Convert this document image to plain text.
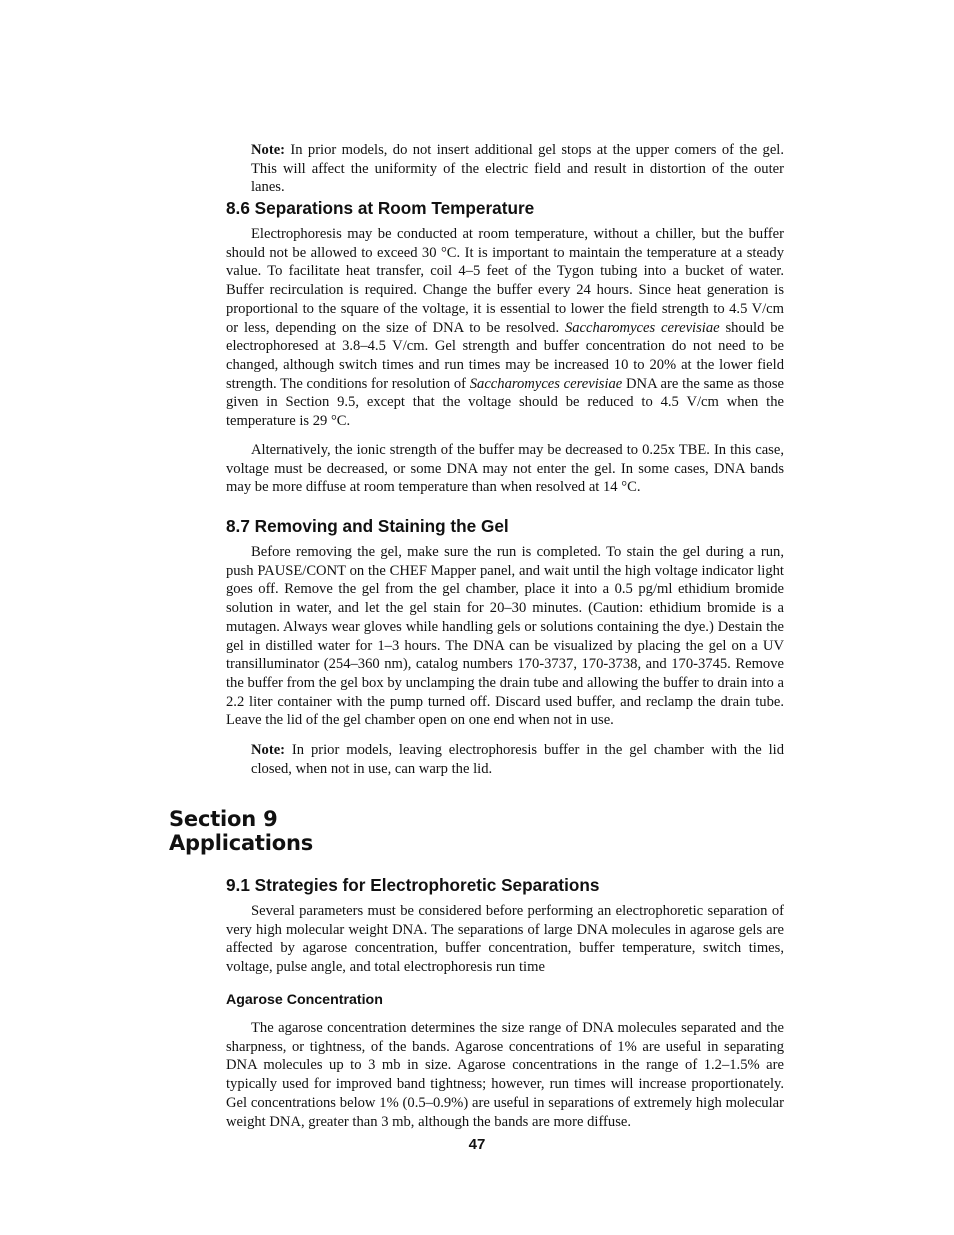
Note: In prior models, do not insert additional gel stops at the upper comers of the gel. This will affect the uniformity of the electric field and result in distortion of the outer lanes.

8.6 Separations at Room Temperature

Electrophoresis may be conducted at room temperature, without a chiller, but the buffer should not be allowed to exceed 30 °C. It is important to maintain the temperature at a steady value. To facilitate heat transfer, coil 4–5 feet of the Tygon tubing into a bucket of water. Buffer recirculation is required. Change the buffer every 24 hours. Since heat generation is proportional to the square of the voltage, it is essential to lower the field strength to 4.5 V/cm or less, depending on the size of DNA to be resolved. Saccharomyces cerevisiae should be electrophoresed at 3.8–4.5 V/cm. Gel strength and buffer concentration do not need to be changed, although switch times and run times may be increased 10 to 20% at the lower field strength. The conditions for resolution of Saccharomyces cerevisiae DNA are the same as those given in Section 9.5, except that the voltage should be reduced to 4.5 V/cm when the temperature is 29 °C.

Alternatively, the ionic strength of the buffer may be decreased to 0.25x TBE. In this case, voltage must be decreased, or some DNA may not enter the gel. In some cases, DNA bands may be more diffuse at room temperature than when resolved at 14 °C.

8.7 Removing and Staining the Gel

Before removing the gel, make sure the run is completed. To stain the gel during a run, push PAUSE/CONT on the CHEF Mapper panel, and wait until the high voltage indicator light goes off. Remove the gel from the gel chamber, place it into a 0.5 pg/ml ethidium bromide solution in water, and let the gel stain for 20–30 minutes. (Caution: ethidium bromide is a mutagen. Always wear gloves while handling gels or solutions containing the dye.) Destain the gel in distilled water for 1–3 hours. The DNA can be visualized by placing the gel on a UV transilluminator (254–360 nm), catalog numbers 170-3737, 170-3738, and 170-3745. Remove the buffer from the gel box by unclamping the drain tube and allowing the buffer to drain into a 2.2 liter container with the pump turned off. Discard used buffer, and reclamp the drain tube. Leave the lid of the gel chamber open on one end when not in use.

Note: In prior models, leaving electrophoresis buffer in the gel chamber with the lid closed, when not in use, can warp the lid.

Section 9
Applications
9.1 Strategies for Electrophoretic Separations

Several parameters must be considered before performing an electrophoretic separation of very high molecular weight DNA. The separations of large DNA molecules in agarose gels are affected by agarose concentration, buffer concentration, buffer temperature, switch times, voltage, pulse angle, and total electrophoresis run time

Agarose Concentration

The agarose concentration determines the size range of DNA molecules separated and the sharpness, or tightness, of the bands. Agarose concentrations of 1% are useful in separating DNA molecules up to 3 mb in size. Agarose concentrations in the range of 1.2–1.5% are typically used for improved band tightness; however, run times will increase proportionately. Gel concentrations below 1% (0.5–0.9%) are useful in separations of extremely high molecular weight DNA, greater than 3 mb, although the bands are more diffuse.

47
